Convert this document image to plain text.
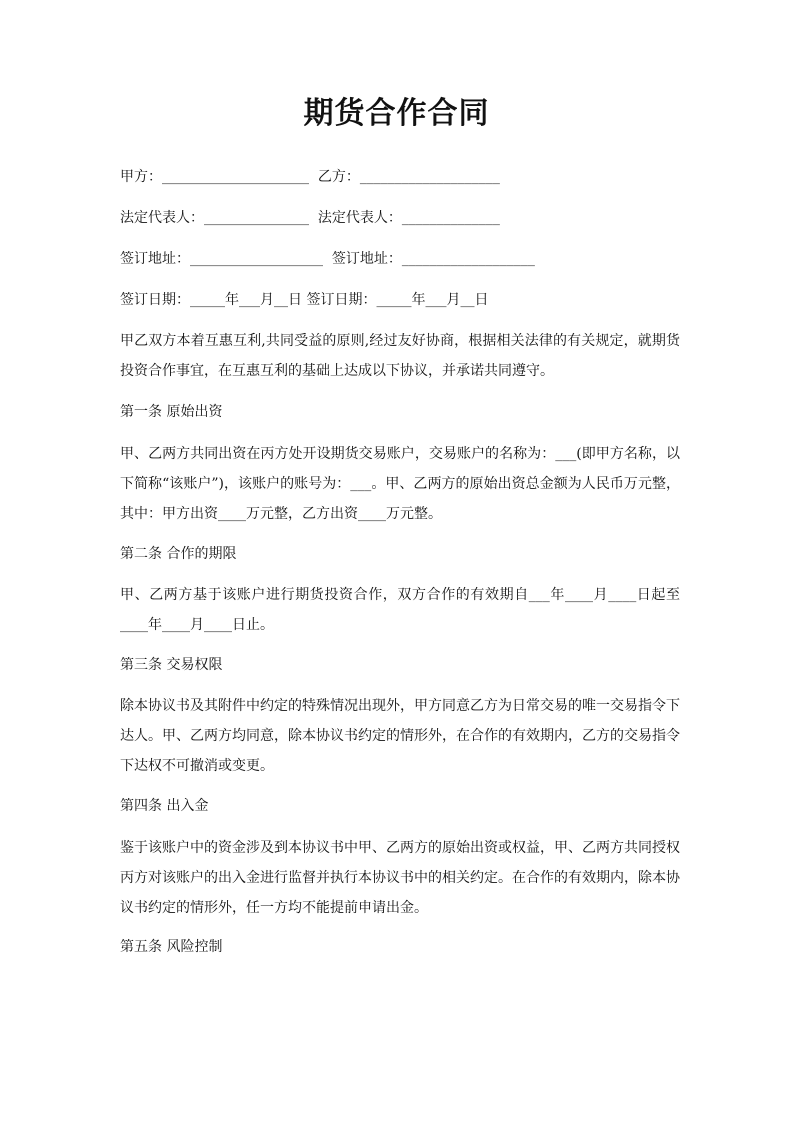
期货合作合同
甲方：_____________________ 乙方：____________________
法定代表人：_______________ 法定代表人：______________
签订地址：___________________ 签订地址：___________________
签订日期：_____年___月__日 签订日期：_____年___月__日
甲乙双方本着互惠互利,共同受益的原则,经过友好协商，根据相关法律的有关规定，就期货投资合作事宜，在互惠互利的基础上达成以下协议，并承诺共同遵守。
第一条 原始出资
甲、乙两方共同出资在丙方处开设期货交易账户，交易账户的名称为：___(即甲方名称，以下简称“该账户”)，该账户的账号为：___。甲、乙两方的原始出资总金额为人民币万元整，其中：甲方出资____万元整，乙方出资____万元整。
第二条 合作的期限
甲、乙两方基于该账户进行期货投资合作，双方合作的有效期自___年____月____日起至____年____月____日止。
第三条 交易权限
除本协议书及其附件中约定的特殊情况出现外，甲方同意乙方为日常交易的唯一交易指令下达人。甲、乙两方均同意，除本协议书约定的情形外，在合作的有效期内，乙方的交易指令下达权不可撤消或变更。
第四条 出入金
鉴于该账户中的资金涉及到本协议书中甲、乙两方的原始出资或权益，甲、乙两方共同授权丙方对该账户的出入金进行监督并执行本协议书中的相关约定。在合作的有效期内，除本协议书约定的情形外，任一方均不能提前申请出金。
第五条 风险控制
